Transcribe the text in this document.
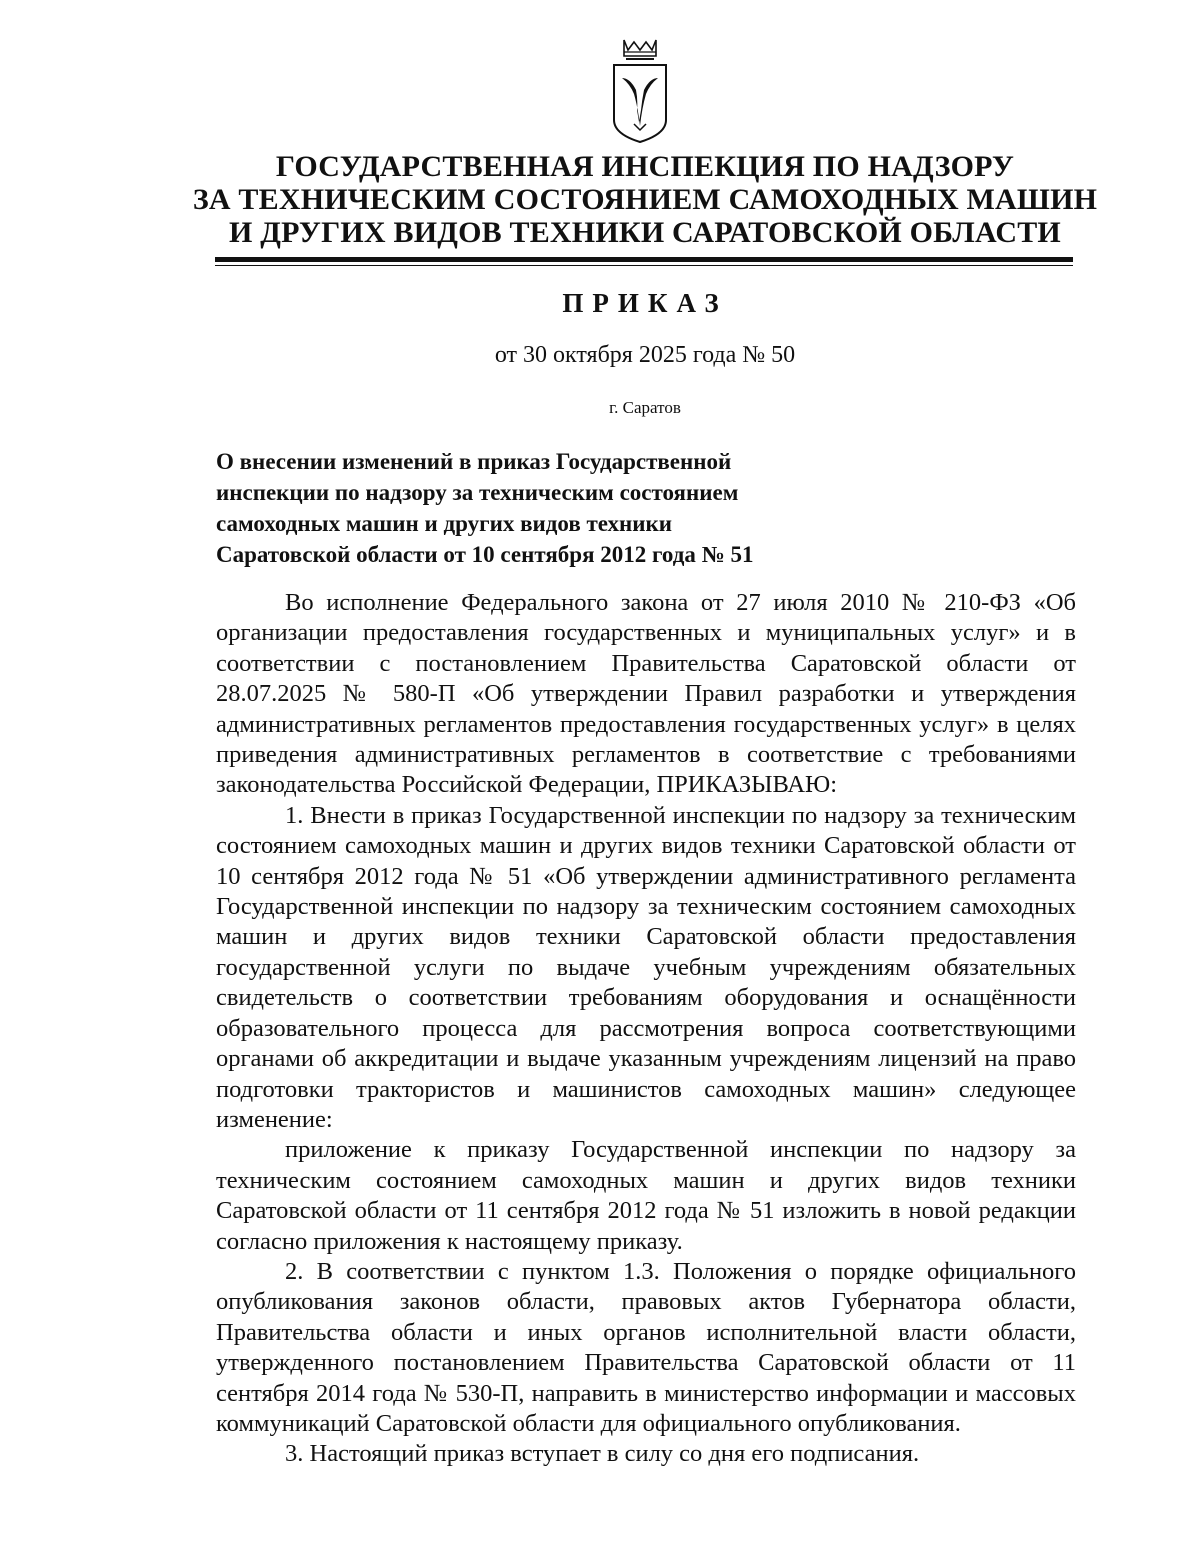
ГОСУДАРСТВЕННАЯ ИНСПЕКЦИЯ ПО НАДЗОРУ
ЗА ТЕХНИЧЕСКИМ СОСТОЯНИЕМ САМОХОДНЫХ МАШИН
И ДРУГИХ ВИДОВ ТЕХНИКИ САРАТОВСКОЙ ОБЛАСТИ
ПРИКАЗ
от 30 октября 2025 года № 50
г. Саратов
О внесении изменений в приказ Государственной
инспекции по надзору за техническим состоянием
самоходных машин и других видов техники
Саратовской области от 10 сентября 2012 года № 51

Во исполнение Федерального закона от 27 июля 2010 № 210-ФЗ «Об организации предоставления государственных и муниципальных услуг» и в соответствии с постановлением Правительства Саратовской области от 28.07.2025 № 580-П «Об утверждении Правил разработки и утверждения административных регламентов предоставления государственных услуг» в целях приведения административных регламентов в соответствие с требованиями законодательства Российской Федерации, ПРИКАЗЫВАЮ:

1. Внести в приказ Государственной инспекции по надзору за техническим состоянием самоходных машин и других видов техники Саратовской области от 10 сентября 2012 года № 51 «Об утверждении административного регламента Государственной инспекции по надзору за техническим состоянием самоходных машин и других видов техники Саратовской области предоставления государственной услуги по выдаче учебным учреждениям обязательных свидетельств о соответствии требованиям оборудования и оснащённости образовательного процесса для рассмотрения вопроса соответствующими органами об аккредитации и выдаче указанным учреждениям лицензий на право подготовки трактористов и машинистов самоходных машин» следующее изменение:

приложение к приказу Государственной инспекции по надзору за техническим состоянием самоходных машин и других видов техники Саратовской области от 11 сентября 2012 года № 51 изложить в новой редакции согласно приложения к настоящему приказу.

2. В соответствии с пунктом 1.3. Положения о порядке официального опубликования законов области, правовых актов Губернатора области, Правительства области и иных органов исполнительной власти области, утвержденного постановлением Правительства Саратовской области от 11 сентября 2014 года № 530-П, направить в министерство информации и массовых коммуникаций Саратовской области для официального опубликования.

3. Настоящий приказ вступает в силу со дня его подписания.
